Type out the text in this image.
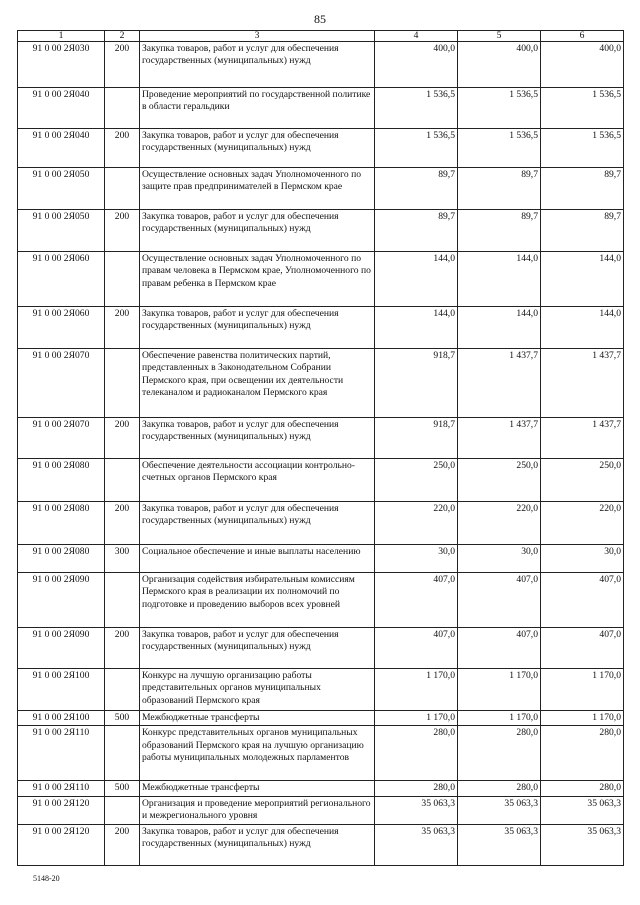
85
1	2	3	4	5	6
91 0 00 2Я030	200	Закупка товаров, работ и услуг для обеспечения государственных (муниципальных) нужд	400,0	400,0	400,0
91 0 00 2Я040		Проведение мероприятий по государственной политике в области геральдики	1 536,5	1 536,5	1 536,5
91 0 00 2Я040	200	Закупка товаров, работ и услуг для обеспечения государственных (муниципальных) нужд	1 536,5	1 536,5	1 536,5
91 0 00 2Я050		Осуществление основных задач Уполномоченного по защите прав предпринимателей в Пермском крае	89,7	89,7	89,7
91 0 00 2Я050	200	Закупка товаров, работ и услуг для обеспечения государственных (муниципальных) нужд	89,7	89,7	89,7
91 0 00 2Я060		Осуществление основных задач Уполномоченного по правам человека в Пермском крае, Уполномоченного по правам ребенка в Пермском крае	144,0	144,0	144,0
91 0 00 2Я060	200	Закупка товаров, работ и услуг для обеспечения государственных (муниципальных) нужд	144,0	144,0	144,0
91 0 00 2Я070		Обеспечение равенства политических партий, представленных в Законодательном Собрании Пермского края, при освещении их деятельности телеканалом и радиоканалом Пермского края	918,7	1 437,7	1 437,7
91 0 00 2Я070	200	Закупка товаров, работ и услуг для обеспечения государственных (муниципальных) нужд	918,7	1 437,7	1 437,7
91 0 00 2Я080		Обеспечение деятельности ассоциации контрольно-счетных органов Пермского края	250,0	250,0	250,0
91 0 00 2Я080	200	Закупка товаров, работ и услуг для обеспечения государственных (муниципальных) нужд	220,0	220,0	220,0
91 0 00 2Я080	300	Социальное обеспечение и иные выплаты населению	30,0	30,0	30,0
91 0 00 2Я090		Организация содействия избирательным комиссиям Пермского края в реализации их полномочий по подготовке и проведению выборов всех уровней	407,0	407,0	407,0
91 0 00 2Я090	200	Закупка товаров, работ и услуг для обеспечения государственных (муниципальных) нужд	407,0	407,0	407,0
91 0 00 2Я100		Конкурс на лучшую организацию работы представительных органов муниципальных образований Пермского края	1 170,0	1 170,0	1 170,0
91 0 00 2Я100	500	Межбюджетные трансферты	1 170,0	1 170,0	1 170,0
91 0 00 2Я110		Конкурс представительных органов муниципальных образований Пермского края на лучшую организацию работы муниципальных молодежных парламентов	280,0	280,0	280,0
91 0 00 2Я110	500	Межбюджетные трансферты	280,0	280,0	280,0
91 0 00 2Я120		Организация и проведение мероприятий регионального и межрегионального уровня	35 063,3	35 063,3	35 063,3
91 0 00 2Я120	200	Закупка товаров, работ и услуг для обеспечения государственных (муниципальных) нужд	35 063,3	35 063,3	35 063,3
5148-20
